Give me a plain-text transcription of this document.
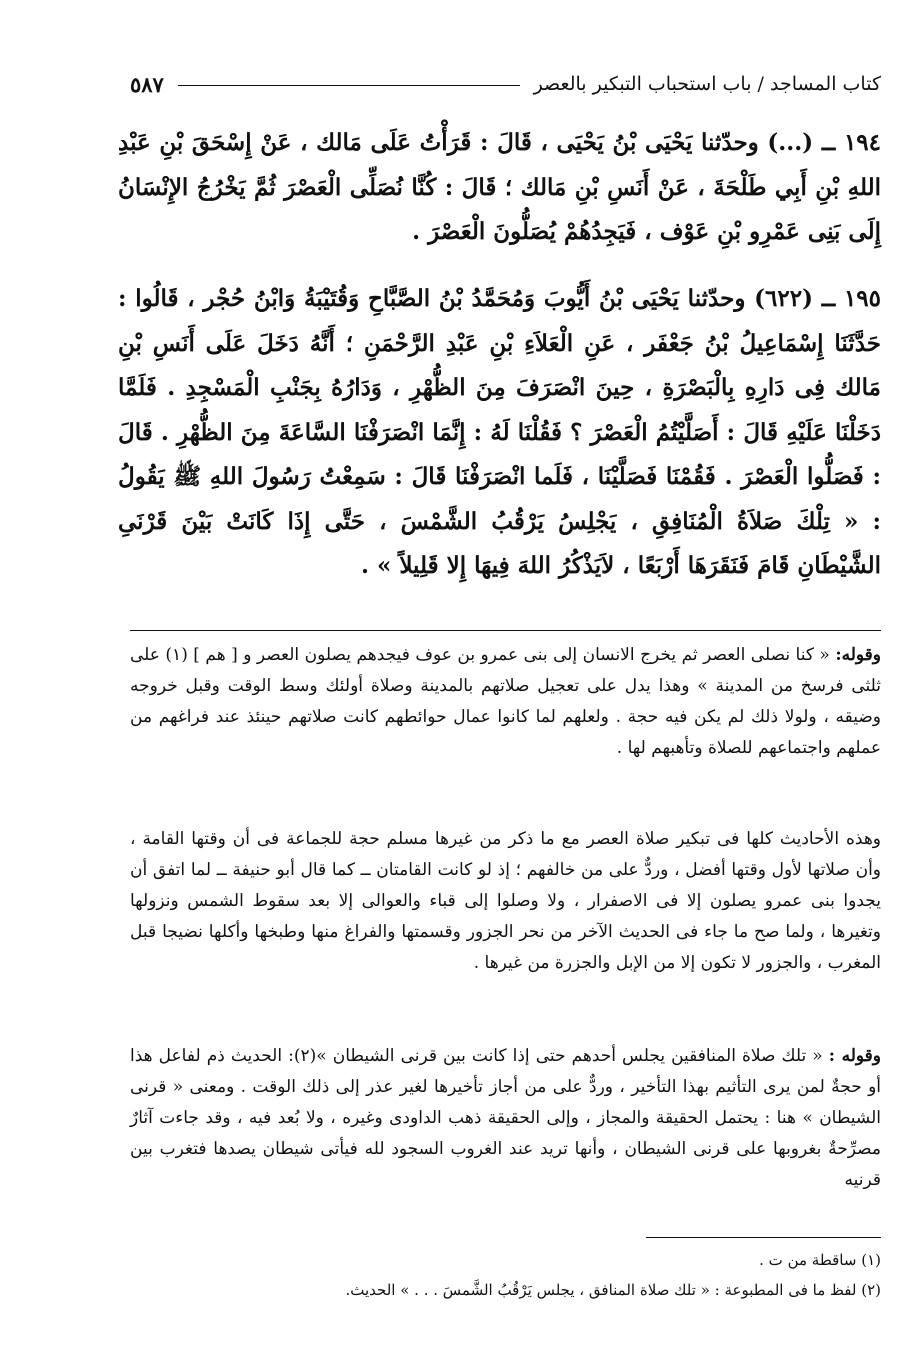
كتاب المساجد / باب استحباب التبكير بالعصر
٥٨٧
١٩٤ ــ (...) وحدّثنا يَحْيَى بْنُ يَحْيَى ، قَالَ : قَرَأْتُ عَلَى مَالك ، عَنْ إِسْحَقَ بْنِ عَبْدِ اللهِ بْنِ أَبِي طَلْحَةَ ، عَنْ أَنَسِ بْنِ مَالك ؛ قَالَ : كُنَّا نُصَلِّى الْعَصْرَ ثُمَّ يَخْرُجُ الإِنْسَانُ إِلَى بَنِى عَمْرِو بْنِ عَوْف ، فَيَجِدُهُمْ يُصَلُّونَ الْعَصْرَ .
١٩٥ ــ (٦٢٢) وحدّثنا يَحْيَى بْنُ أَيُّوبَ وَمُحَمَّدُ بْنُ الصَّبَّاحِ وَقُتَيْبَةُ وَابْنُ حُجْر ، قَالُوا : حَدَّثَنَا إِسْمَاعِيلُ بْنُ جَعْفَر ، عَنِ الْعَلاَءِ بْنِ عَبْدِ الرَّحْمَنِ ؛ أَنَّهُ دَخَلَ عَلَى أَنَسِ بْنِ مَالك فِى دَارِهِ بِالْبَصْرَةِ ، حِينَ انْصَرَفَ مِنَ الظُّهْرِ ، وَدَارُهُ بِجَنْبِ الْمَسْجِدِ . فَلَمَّا دَخَلْنَا عَلَيْهِ قَالَ : أَصَلَّيْتُمُ الْعَصْرَ ؟ فَقُلْنَا لَهُ : إِنَّمَا انْصَرَفْنَا السَّاعَةَ مِنَ الظُّهْرِ . قَالَ : فَصَلُّوا الْعَصْرَ . فَقُمْنَا فَصَلَّيْنَا ، فَلَما انْصَرَفْنَا قَالَ : سَمِعْتُ رَسُولَ اللهِ ﷺ يَقُولُ : « تِلْكَ صَلاَةُ الْمُنَافِقِ ، يَجْلِسُ يَرْقُبُ الشَّمْسَ ، حَتَّى إِذَا كَانَتْ بَيْنَ قَرْنَىِ الشَّيْطَانِ قَامَ فَنَقَرَهَا أَرْبَعًا ، لاَيَذْكُرُ اللهَ فِيهَا إِلا قَلِيلاً » .
وقوله: « كنا نصلى العصر ثم يخرج الانسان إلى بنى عمرو بن عوف فيجدهم يصلون العصر و [ هم ] (١) على ثلثى فرسخ من المدينة » وهذا يدل على تعجيل صلاتهم بالمدينة وصلاة أولئك وسط الوقت وقبل خروجه وضيقه ، ولولا ذلك لم يكن فيه حجة . ولعلهم لما كانوا عمال حوائطهم كانت صلاتهم حينئذ عند فراغهم من عملهم واجتماعهم للصلاة وتأهبهم لها .
وهذه الأحاديث كلها فى تبكير صلاة العصر مع ما ذكر من غيرها مسلم حجة للجماعة فى أن وقتها القامة ، وأن صلاتها لأول وقتها أفضل ، وردٌّ على من خالفهم ؛ إذ لو كانت القامتان ــ كما قال أبو حنيفة ــ لما اتفق أن يجدوا بنى عمرو يصلون إلا فى الاصفرار ، ولا وصلوا إلى قباء والعوالى إلا بعد سقوط الشمس ونزولها وتغيرها ، ولما صح ما جاء فى الحديث الآخر من نحر الجزور وقسمتها والفراغ منها وطبخها وأكلها نضيجا قبل المغرب ، والجزور لا تكون إلا من الإبل والجزرة من غيرها .
وقوله : « تلك صلاة المنافقين يجلس أحدهم حتى إذا كانت بين قرنى الشيطان »(٢): الحديث ذم لفاعل هذا أو حجةٌ لمن يرى التأثيم بهذا التأخير ، وردٌّ على من أجاز تأخيرها لغير عذر إلى ذلك الوقت . ومعنى « قرنى الشيطان » هنا : يحتمل الحقيقة والمجاز ، وإلى الحقيقة ذهب الداودى وغيره ، ولا بُعد فيه ، وقد جاءت آثارٌ مصرِّحةٌ بغروبها على قرنى الشيطان ، وأنها تريد عند الغروب السجود لله فيأتى شيطان يصدها فتغرب بين قرنيه
(١) ساقطة من ت .
(٢) لفظ ما فى المطبوعة : « تلك صلاة المنافق ، يجلس يَرْقُبُ الشَّمسَ . . . » الحديث.
